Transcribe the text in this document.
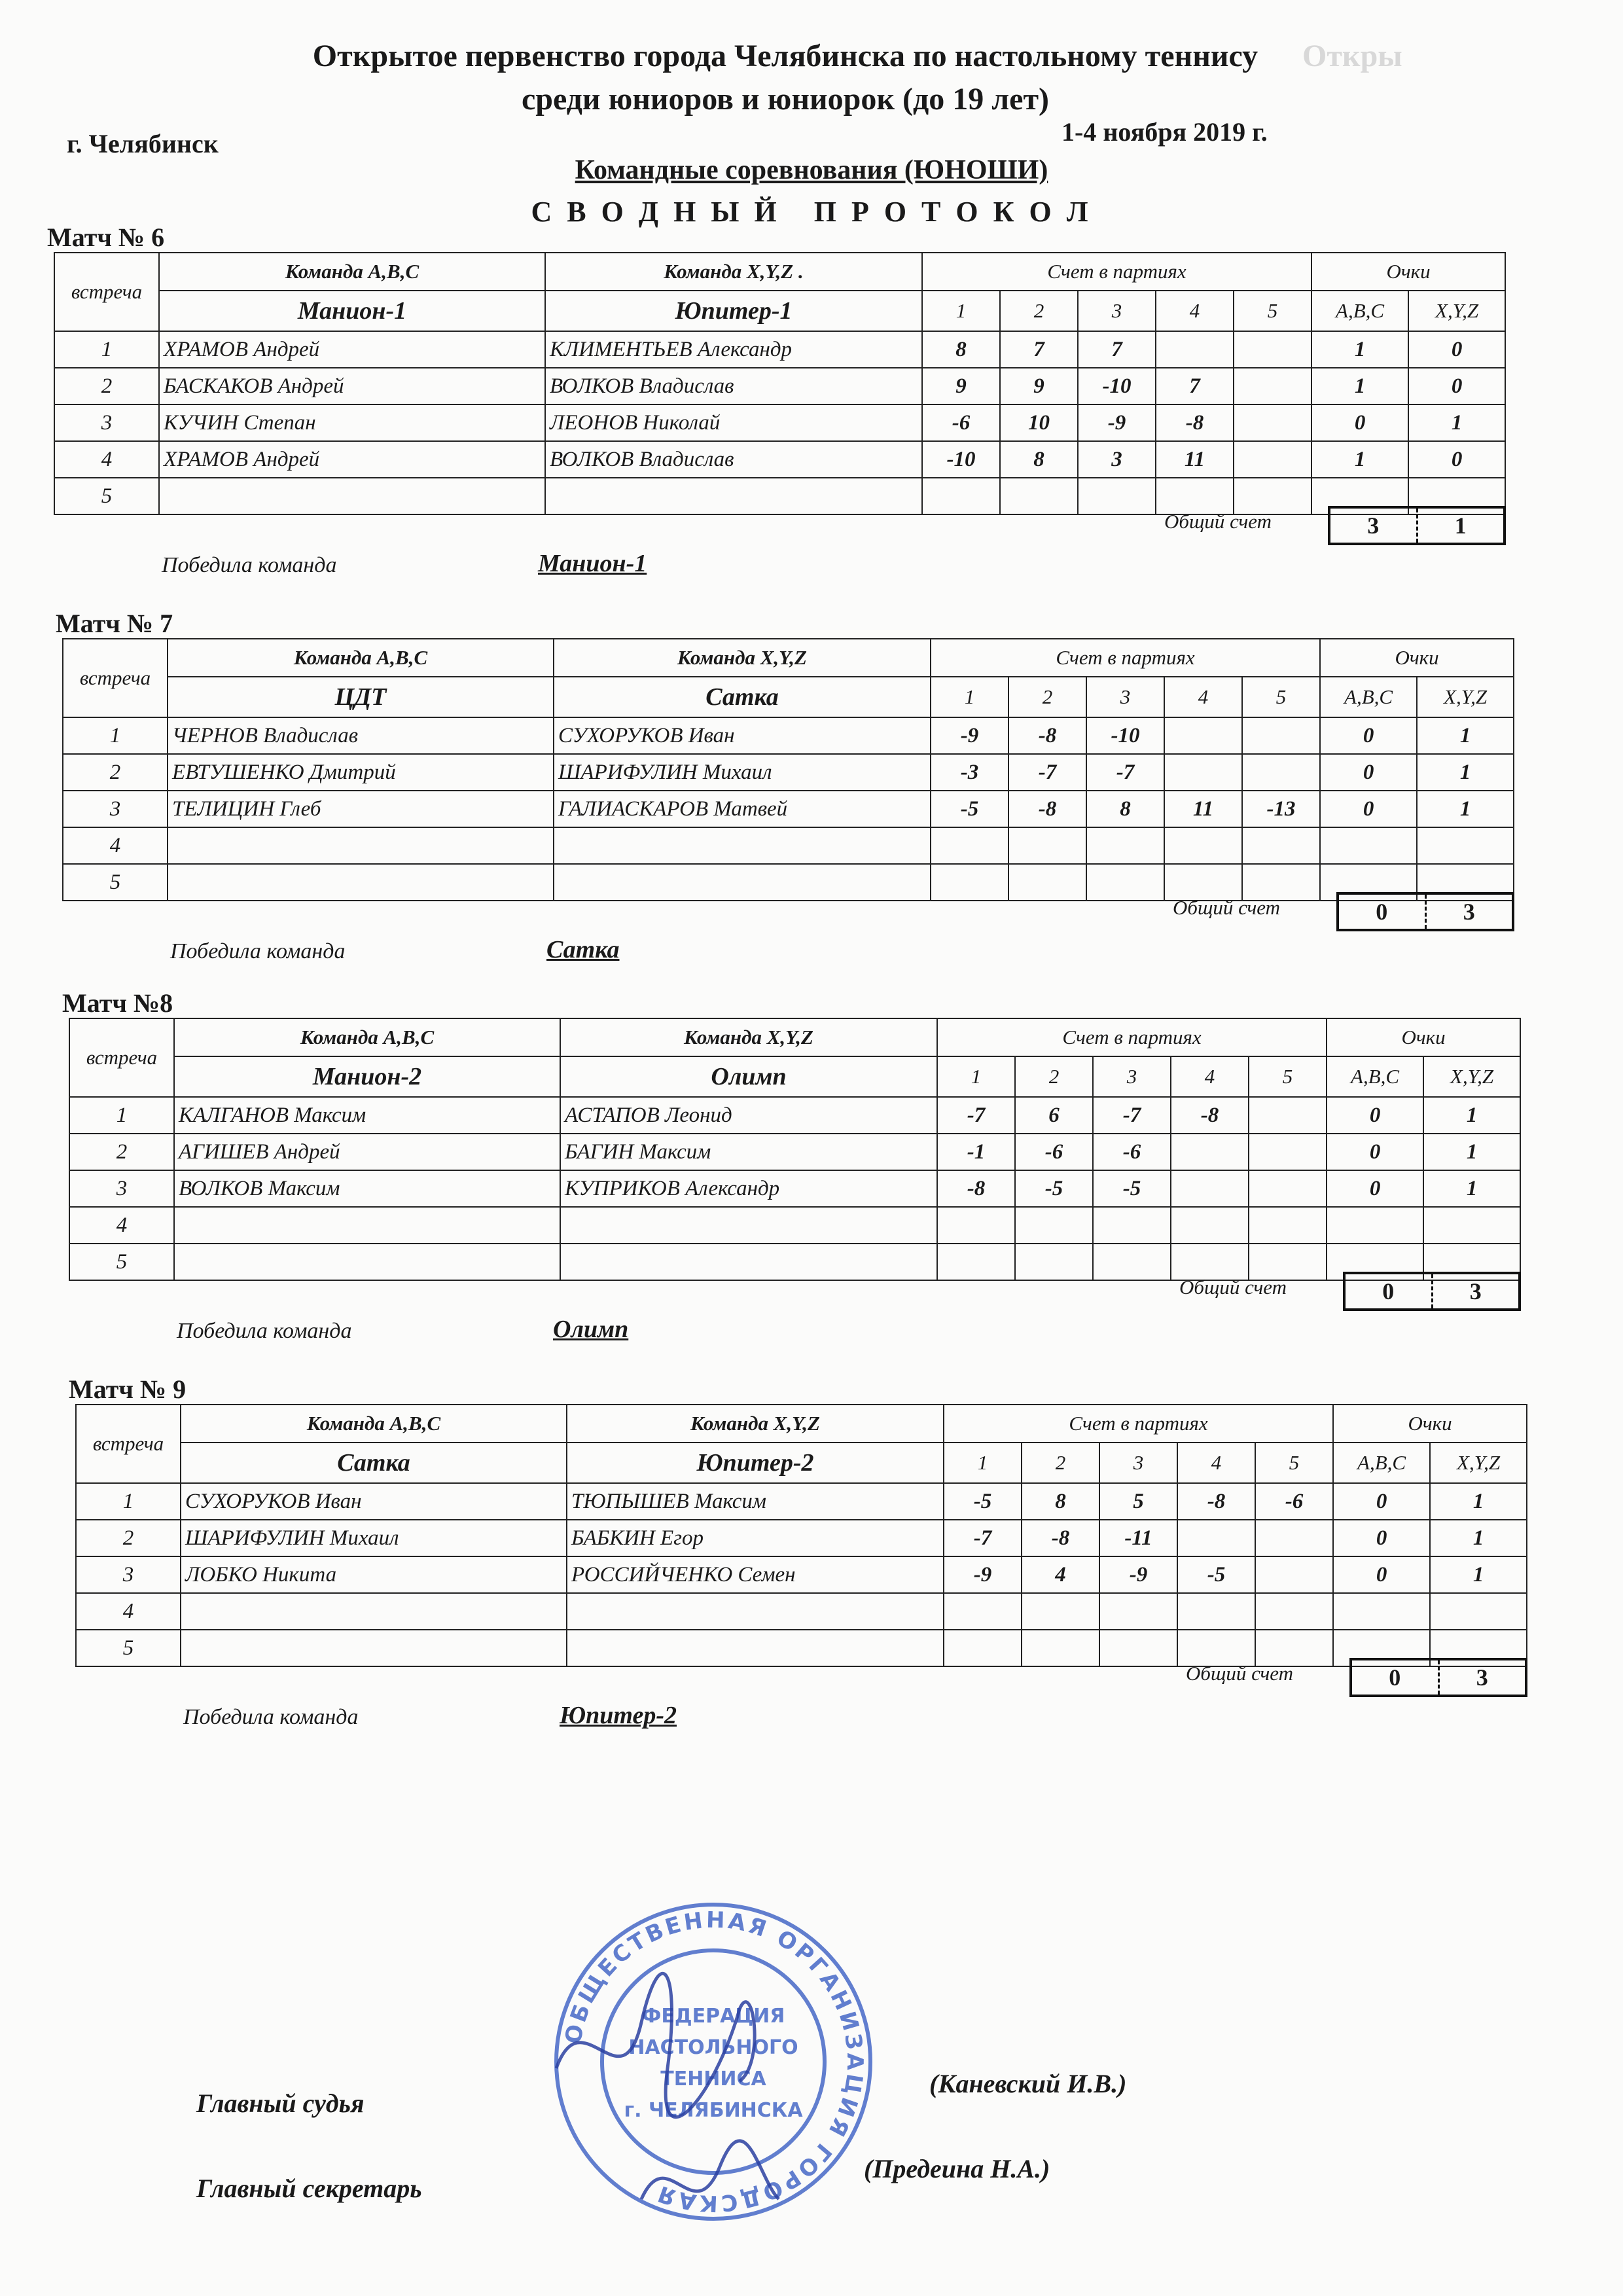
Открытое первенство города Челябинска по настольному теннису
среди юниоров и юниорок (до 19 лет)
г. Челябинск	1-4 ноября 2019 г.
Командные соревнования (ЮНОШИ)
С В О Д Н Ы Й   П Р О Т О К О Л
Откры
Матч № 6
встреча	Команда A,B,C	Команда X,Y,Z .	Счет в партиях					Очки	
	Манион-1	Юпитер-1	1	2	3	4	5	A,B,C	X,Y,Z
1	ХРАМОВ Андрей	КЛИМЕНТЬЕВ Александр	8	7	7			1	0
2	БАСКАКОВ Андрей	ВОЛКОВ Владислав	9	9	-10	7		1	0
3	КУЧИН Степан	ЛЕОНОВ Николай	-6	10	-9	-8		0	1
4	ХРАМОВ Андрей	ВОЛКОВ Владислав	-10	8	3	11		1	0
5									
Общий счет	3	1
Победила команда	Манион-1
Матч № 7
встреча	Команда A,B,C	Команда X,Y,Z	Счет в партиях					Очки	
	ЦДТ	Сатка	1	2	3	4	5	A,B,C	X,Y,Z
1	ЧЕРНОВ Владислав	СУХОРУКОВ Иван	-9	-8	-10			0	1
2	ЕВТУШЕНКО Дмитрий	ШАРИФУЛИН Михаил	-3	-7	-7			0	1
3	ТЕЛИЦИН Глеб	ГАЛИАСКАРОВ Матвей	-5	-8	8	11	-13	0	1
4									
5									
Общий счет	0	3
Победила команда	Сатка
Матч №8
встреча	Команда A,B,C	Команда X,Y,Z	Счет в партиях					Очки	
	Манион-2	Олимп	1	2	3	4	5	A,B,C	X,Y,Z
1	КАЛГАНОВ Максим	АСТАПОВ Леонид	-7	6	-7	-8		0	1
2	АГИШЕВ Андрей	БАГИН Максим	-1	-6	-6			0	1
3	ВОЛКОВ Максим	КУПРИКОВ Александр	-8	-5	-5			0	1
4									
5									
Общий счет	0	3
Победила команда	Олимп
Матч № 9
встреча	Команда A,B,C	Команда X,Y,Z	Счет в партиях					Очки	
	Сатка	Юпитер-2	1	2	3	4	5	A,B,C	X,Y,Z
1	СУХОРУКОВ Иван	ТЮПЫШЕВ Максим	-5	8	5	-8	-6	0	1
2	ШАРИФУЛИН Михаил	БАБКИН Егор	-7	-8	-11			0	1
3	ЛОБКО Никита	РОССИЙЧЕНКО Семен	-9	4	-9	-5		0	1
4									
5									
Общий счет	0	3
Победила команда	Юпитер-2
Главный судья
(Каневский И.В.)
Главный секретарь
(Предеина Н.А.)
ОБЩЕСТВЕННАЯ ОРГАНИЗАЦИЯ ГОРОДСКАЯ
ФЕДЕРАЦИЯ
НАСТОЛЬНОГО
ТЕННИСА
г. ЧЕЛЯБИНСКА
